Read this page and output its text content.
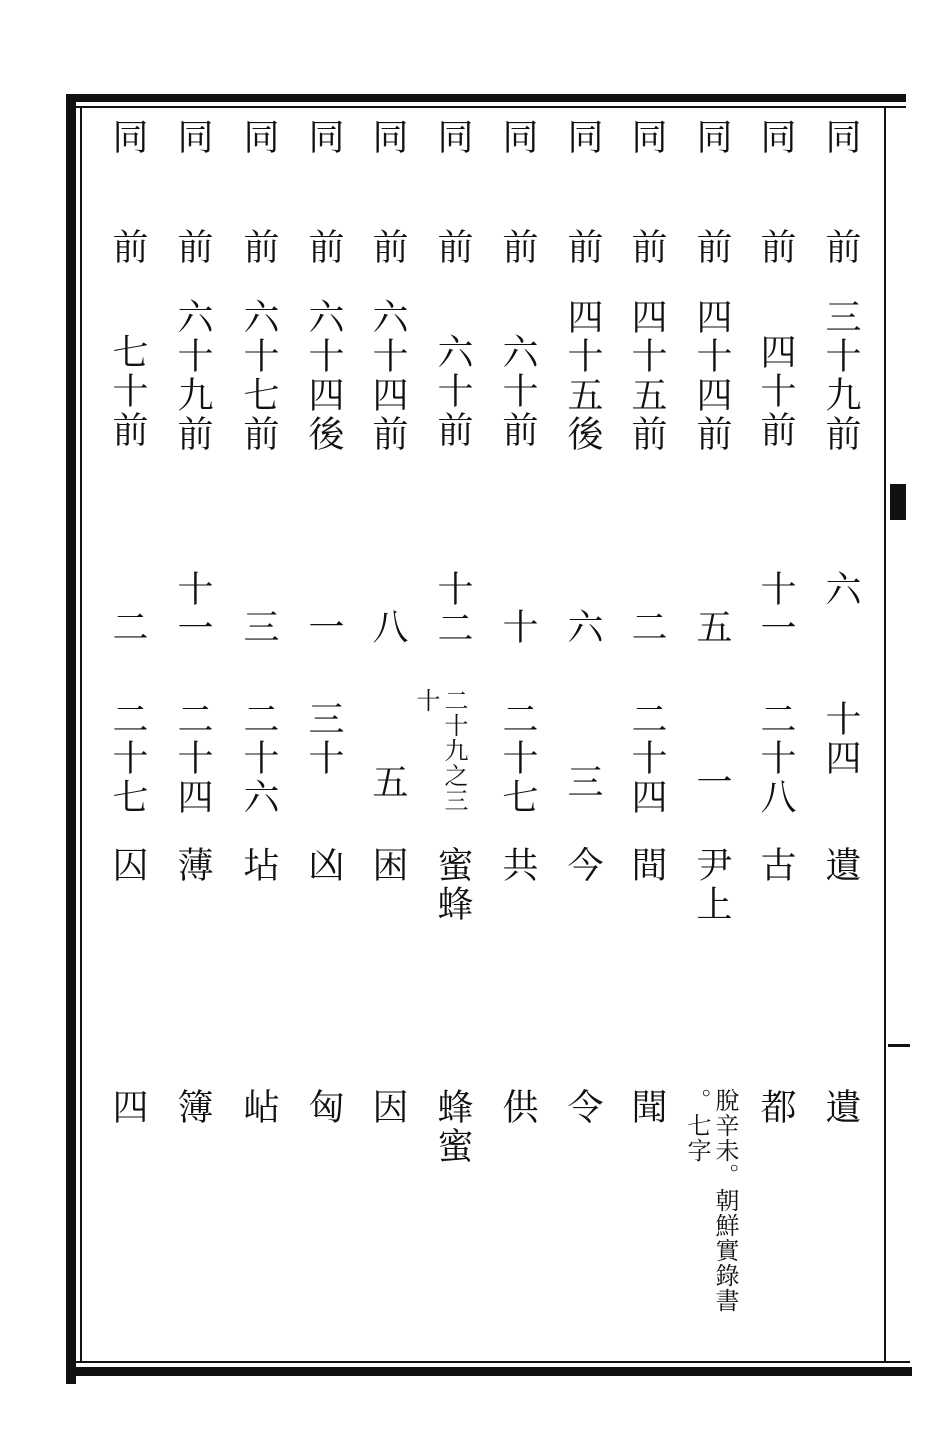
同
前
三十九前
六
十四
遺
遺
同
前
四十前
十一
二十八
古
都
同
前
四十四前
五
一
尹上
脫辛未。朝鮮實錄書
。七字
同
前
四十五前
二
二十四
間
聞
同
前
四十五後
六
三
今
令
同
前
六十前
十
二十七
共
供
同
前
六十前
十二
二十九之三
十
蜜蜂
蜂蜜
同
前
六十四前
八
五
困
因
同
前
六十四後
一
三十
凶
匈
同
前
六十七前
三
二十六
坫
岾
同
前
六十九前
十一
二十四
薄
簿
同
前
七十前
二
二十七
囚
四
